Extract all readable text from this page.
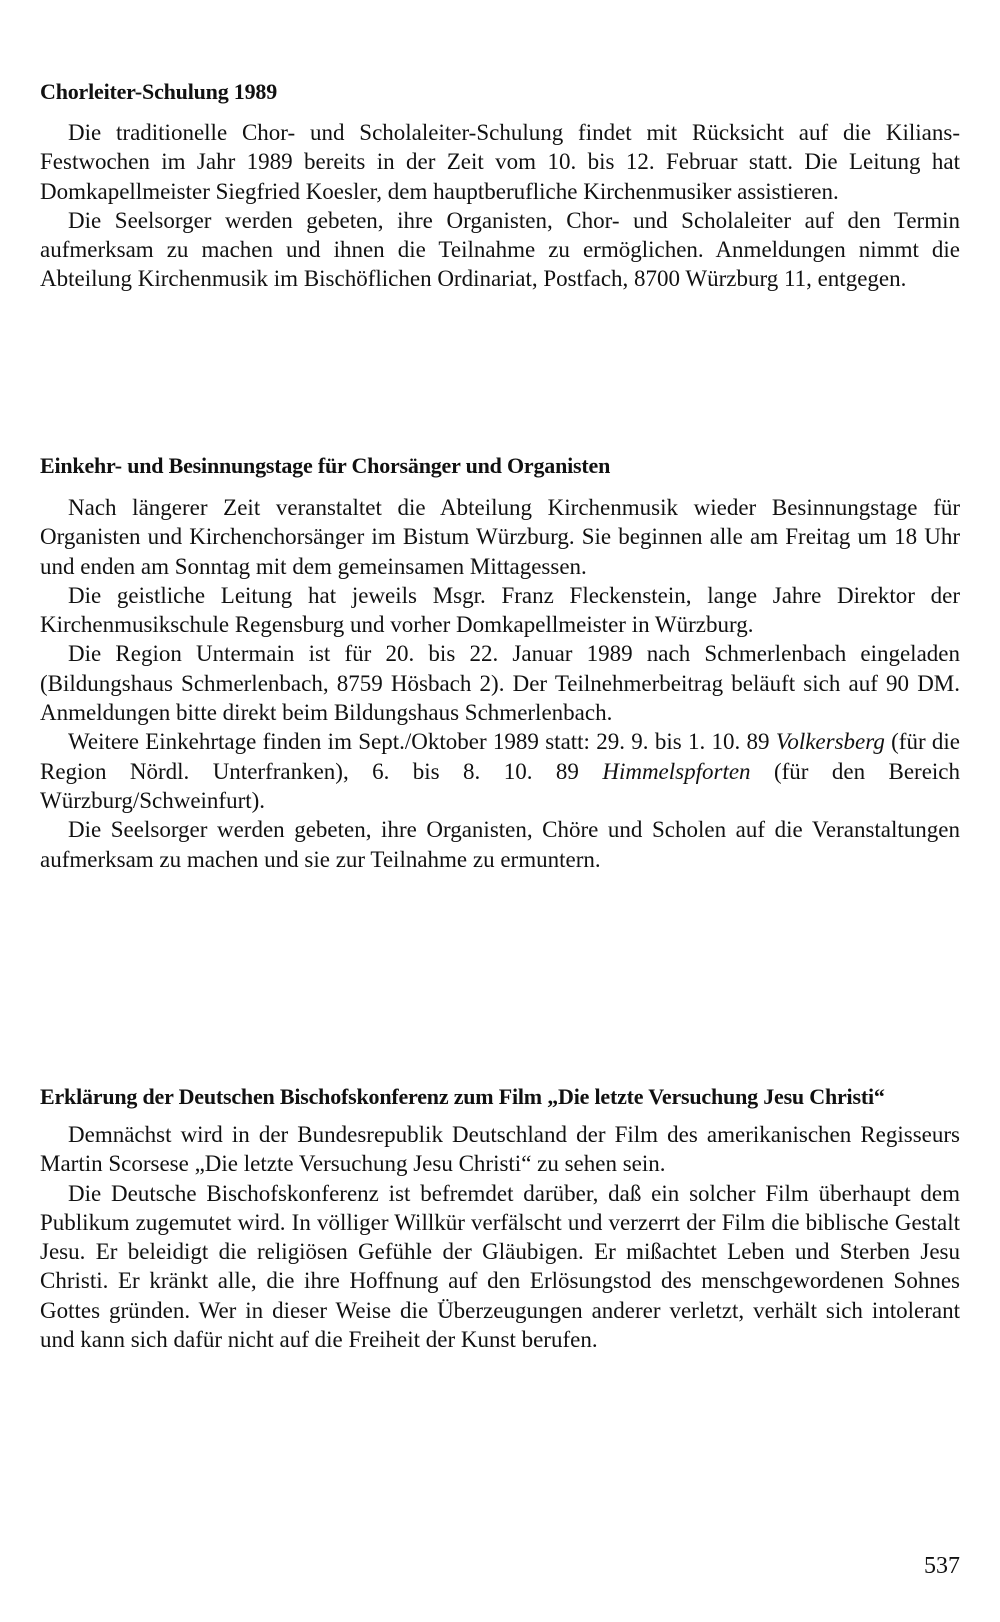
Chorleiter-Schulung 1989

Die traditionelle Chor- und Scholaleiter-Schulung findet mit Rücksicht auf die Kilians-Festwochen im Jahr 1989 bereits in der Zeit vom 10. bis 12. Februar statt. Die Leitung hat Domkapellmeister Siegfried Koesler, dem hauptberufliche Kirchenmusiker assistieren.

Die Seelsorger werden gebeten, ihre Organisten, Chor- und Scholaleiter auf den Termin aufmerksam zu machen und ihnen die Teilnahme zu ermöglichen. Anmeldungen nimmt die Abteilung Kirchenmusik im Bischöflichen Ordinariat, Postfach, 8700 Würzburg 11, entgegen.

Einkehr- und Besinnungstage für Chorsänger und Organisten

Nach längerer Zeit veranstaltet die Abteilung Kirchenmusik wieder Besinnungstage für Organisten und Kirchenchorsänger im Bistum Würzburg. Sie beginnen alle am Freitag um 18 Uhr und enden am Sonntag mit dem gemeinsamen Mittagessen.

Die geistliche Leitung hat jeweils Msgr. Franz Fleckenstein, lange Jahre Direktor der Kirchenmusikschule Regensburg und vorher Domkapellmeister in Würzburg.

Die Region Untermain ist für 20. bis 22. Januar 1989 nach Schmerlenbach eingeladen (Bildungshaus Schmerlenbach, 8759 Hösbach 2). Der Teilnehmerbeitrag beläuft sich auf 90 DM. Anmeldungen bitte direkt beim Bildungshaus Schmerlenbach.

Weitere Einkehrtage finden im Sept./Oktober 1989 statt: 29. 9. bis 1. 10. 89 Volkersberg (für die Region Nördl. Unterfranken), 6. bis 8. 10. 89 Himmelspforten (für den Bereich Würzburg/Schweinfurt).

Die Seelsorger werden gebeten, ihre Organisten, Chöre und Scholen auf die Veranstaltungen aufmerksam zu machen und sie zur Teilnahme zu ermuntern.

Erklärung der Deutschen Bischofskonferenz zum Film „Die letzte Versuchung Jesu Christi“

Demnächst wird in der Bundesrepublik Deutschland der Film des amerikanischen Regisseurs Martin Scorsese „Die letzte Versuchung Jesu Christi“ zu sehen sein.

Die Deutsche Bischofskonferenz ist befremdet darüber, daß ein solcher Film überhaupt dem Publikum zugemutet wird. In völliger Willkür verfälscht und verzerrt der Film die biblische Gestalt Jesu. Er beleidigt die religiösen Gefühle der Gläubigen. Er mißachtet Leben und Sterben Jesu Christi. Er kränkt alle, die ihre Hoffnung auf den Erlösungstod des menschgewordenen Sohnes Gottes gründen. Wer in dieser Weise die Überzeugungen anderer verletzt, verhält sich intolerant und kann sich dafür nicht auf die Freiheit der Kunst berufen.

537
